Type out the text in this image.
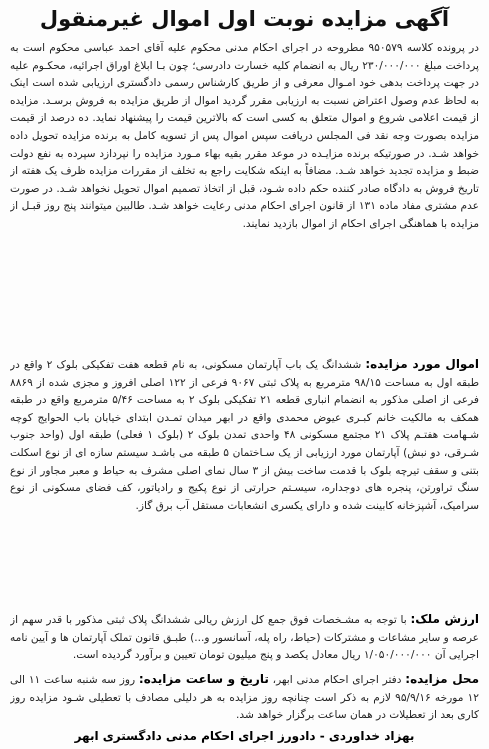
آگهی مزایده نوبت اول اموال غیرمنقول

در پرونده کلاسه ۹۵۰۵۷۹ مطروحه در اجرای احکام مدنی محکوم علیه آقای احمد عباسی محکوم است به پرداخت مبلغ ۲۳۰/۰۰۰/۰۰۰ ریال به انضمام کلیه خسارت دادرسی؛ چون بـا ابلاغ اوراق اجرائیه، محکـوم علیه در جهت پرداخت بدهی خود امـوال معرفی و از طریق کارشناس رسمی دادگستری ارزیابی شده است اینک به لحاظ عدم وصول اعتراض نسبت به ارزیابی مقرر گردید اموال از طریق مزایده به فروش برسـد. مزایده از قیمت اعلامی شروع و اموال متعلق به کسی است که بالاترین قیمت را پیشنهاد نماید. ده درصد از قیمت مزایده بصورت وجه نقد فی المجلس دریافت سپس اموال پس از تسویه کامل به برنده مزایده تحویل داده خواهد شـد. در صورتیکه برنده مزایـده در موعد مقرر بقیه بهاء مـورد مزایده را نپردازد سپرده به نفع دولت ضبط و مزایده تجدید خواهد شـد. مضافاً به اینکه شکایت راجع به تخلف از مقررات مزایده ظرف یک هفته از تاریخ فروش به دادگاه صادر کننده حکم داده شـود، قبل از اتخاذ تصمیم اموال تحویل نخواهد شـد. در صورت عدم مشتری مفاد ماده ۱۳۱ از قانون اجرای احکام مدنی رعایت خواهد شـد. طالبین میتوانند پنج روز قبـل از مزایده با هماهنگی اجرای احکام از اموال بازدید نمایند.

اموال مورد مزایده: ششدانگ یک باب آپارتمان مسکونی، به نام قطعه هفت تفکیکی بلوک ۲ واقع در طبقه اول به مساحت ۹۸/۱۵ مترمربع به پلاک ثبتی ۹۰۶۷ فرعی از ۱۲۲ اصلی افروز و مجزی شده از ۸۸۶۹ فرعی از اصلی مذکور به انضمام انباری قطعه ۲۱ تفکیکی بلوک ۲ به مساحت ۵/۴۶ مترمربع واقع در طبقه همکف به مالکیت خانم کبـری عیوض محمدی واقع در ابهر میدان تمـدن ابتدای خیابان باب الحوایج کوچه شـهامت هفتـم پلاک ۲۱ مجتمع مسکونی ۴۸ واحدی تمدن بلوک ۲ (بلوک ۱ فعلی) طبقه اول (واحد جنوب شـرقی، دو نبش) آپارتمان مورد ارزیابی از یک سـاختمان ۵ طبقه می باشـد سیستم سازه ای از نوع اسکلت بتنی و سقف تیرچه بلوک با قدمت ساخت بیش از ۳ سال نمای اصلی مشرف به حیاط و معبر مجاور از نوع سنگ تراورتن، پنجره های دوجداره، سیسـتم حرارتی از نوع پکیج و رادیاتور، کف فضای مسکونی از نوع سرامیک، آشپزخانه کابینت شده و دارای یکسری انشعابات مستقل آب برق گاز.

ارزش ملک: با توجه به مشـخصات فوق جمع کل ارزش ریالی ششدانگ پلاک ثبتی مذکور با قدر سهم از عرصه و سایر مشاعات و مشترکات (حیاط، راه پله، آسانسور و...) طبـق قانون تملک آپارتمان ها و آیین نامه اجرایی آن ۱/۰۵۰/۰۰۰/۰۰۰ ریال معادل یکصد و پنج میلیون تومان تعیین و برآورد گردیده است.

محل مزایده: دفتر اجرای احکام مدنی ابهر، تاریخ و ساعت مزایده: روز سه شنبه ساعت ۱۱ الی ۱۲ مورخه ۹۵/۹/۱۶ لازم به ذکر است چنانچه روز مزایده به هر دلیلی مصادف با تعطیلی شـود مزایده روز کاری بعد از تعطیلات در همان ساعت برگزار خواهد شد.

بهزاد خداوردی - دادورز اجرای احکام مدنی دادگستری ابهر
